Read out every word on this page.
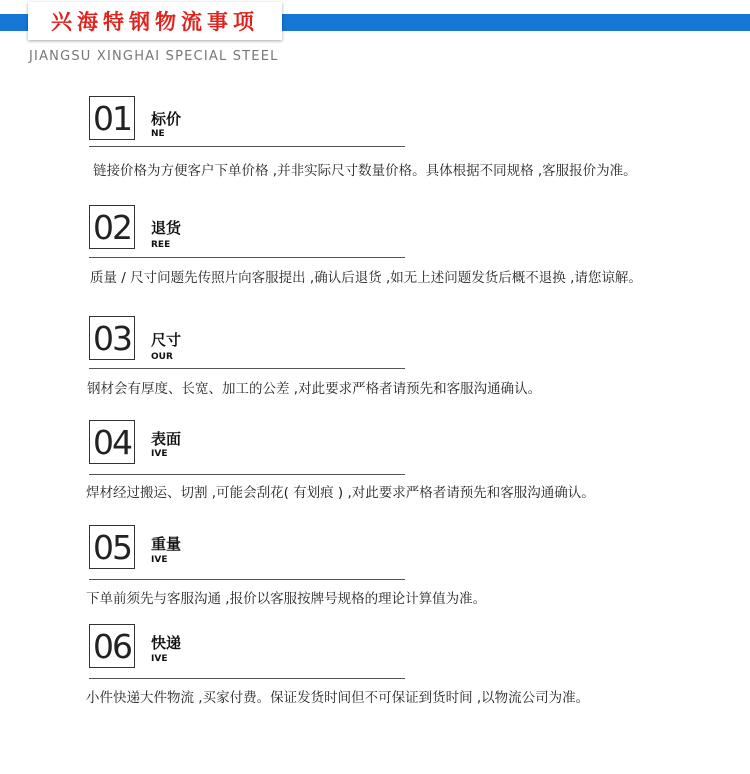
兴海特钢物流事项
JIANGSU XINGHAI SPECIAL STEEL
01 标价
NE
链接价格为方便客户下单价格 ,并非实际尺寸数量价格。具体根据不同规格 ,客服报价为准。
02 退货
REE
质量 / 尺寸问题先传照片向客服提出 ,确认后退货 ,如无上述问题发货后概不退换 ,请您谅解。
03 尺寸
OUR
钢材会有厚度、长宽、加工的公差 ,对此要求严格者请预先和客服沟通确认。
04 表面
IVE
焊材经过搬运、切割 ,可能会刮花( 有划痕 ) ,对此要求严格者请预先和客服沟通确认。
05 重量
IVE
下单前须先与客服沟通 ,报价以客服按牌号规格的理论计算值为准。
06 快递
IVE
小件快递大件物流 ,买家付费。保证发货时间但不可保证到货时间 ,以物流公司为准。
